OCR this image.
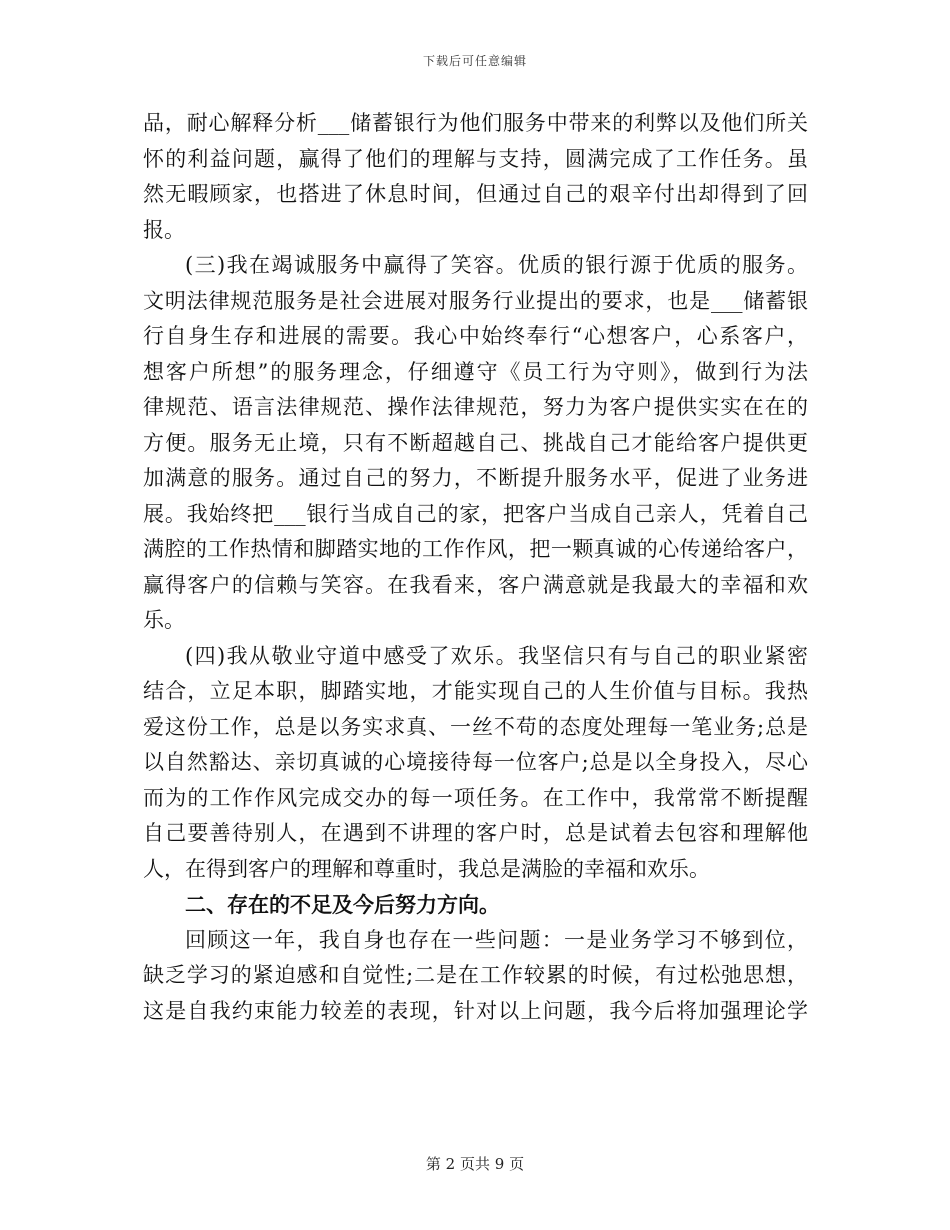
下载后可任意编辑
品，耐心解释分析___储蓄银行为他们服务中带来的利弊以及他们所关
怀的利益问题，赢得了他们的理解与支持，圆满完成了工作任务。虽
然无暇顾家，也搭进了休息时间，但通过自己的艰辛付出却得到了回
报。
(三)我在竭诚服务中赢得了笑容。优质的银行源于优质的服务。
文明法律规范服务是社会进展对服务行业提出的要求，也是___储蓄银
行自身生存和进展的需要。我心中始终奉行“心想客户，心系客户，
想客户所想”的服务理念，仔细遵守《员工行为守则》，做到行为法
律规范、语言法律规范、操作法律规范，努力为客户提供实实在在的
方便。服务无止境，只有不断超越自己、挑战自己才能给客户提供更
加满意的服务。通过自己的努力，不断提升服务水平，促进了业务进
展。我始终把___银行当成自己的家，把客户当成自己亲人，凭着自己
满腔的工作热情和脚踏实地的工作作风，把一颗真诚的心传递给客户，
赢得客户的信赖与笑容。在我看来，客户满意就是我最大的幸福和欢
乐。
(四)我从敬业守道中感受了欢乐。我坚信只有与自己的职业紧密
结合，立足本职，脚踏实地，才能实现自己的人生价值与目标。我热
爱这份工作，总是以务实求真、一丝不苟的态度处理每一笔业务;总是
以自然豁达、亲切真诚的心境接待每一位客户;总是以全身投入，尽心
而为的工作作风完成交办的每一项任务。在工作中，我常常不断提醒
自己要善待别人，在遇到不讲理的客户时，总是试着去包容和理解他
人，在得到客户的理解和尊重时，我总是满脸的幸福和欢乐。
二、存在的不足及今后努力方向。
回顾这一年，我自身也存在一些问题：一是业务学习不够到位，
缺乏学习的紧迫感和自觉性;二是在工作较累的时候，有过松弛思想，
这是自我约束能力较差的表现，针对以上问题，我今后将加强理论学
第 2 页共 9 页
